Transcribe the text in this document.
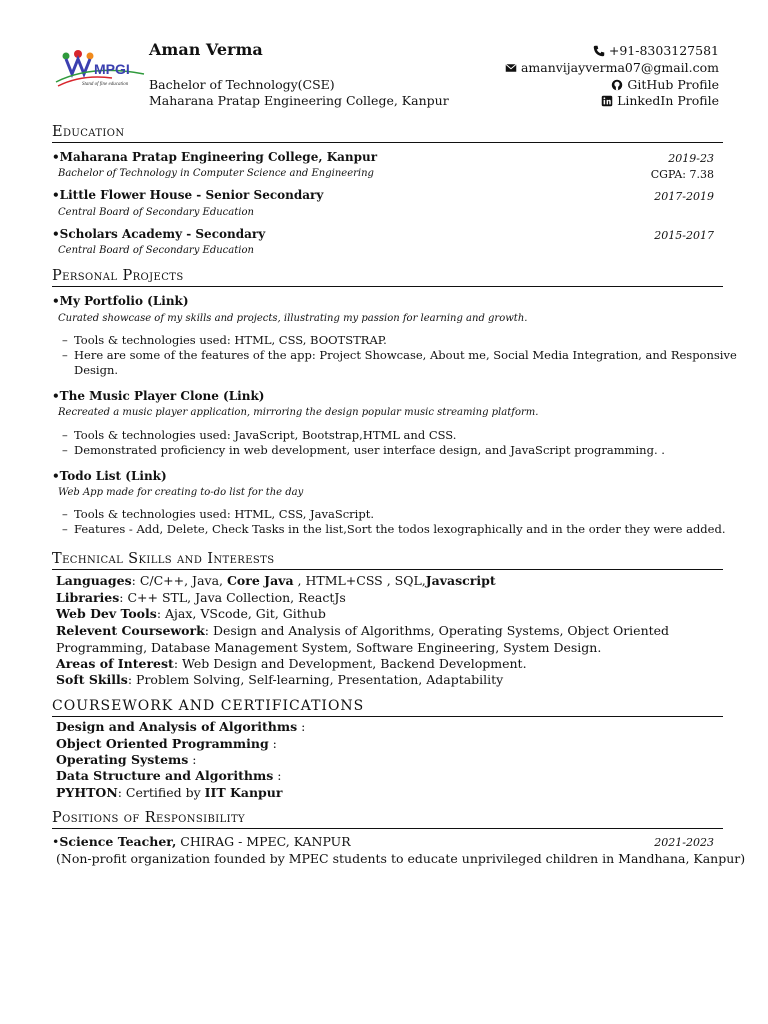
MPGI
Stand of fine education
Aman Verma
Bachelor of Technology(CSE)
Maharana Pratap Engineering College, Kanpur
+91-8303127581
amanvijayverma07@gmail.com
GitHub Profile
LinkedIn Profile
Education
•Maharana Pratap Engineering College, Kanpur	2019-23
Bachelor of Technology in Computer Science and Engineering	CGPA: 7.38
•Little Flower House - Senior Secondary	2017-2019
Central Board of Secondary Education
•Scholars Academy - Secondary	2015-2017
Central Board of Secondary Education
Personal Projects
•My Portfolio (Link)
Curated showcase of my skills and projects, illustrating my passion for learning and growth.
– Tools & technologies used: HTML, CSS, BOOTSTRAP.
– Here are some of the features of the app: Project Showcase, About me, Social Media Integration, and Responsive
Design.
•The Music Player Clone (Link)
Recreated a music player application, mirroring the design popular music streaming platform.
– Tools & technologies used: JavaScript, Bootstrap,HTML and CSS.
– Demonstrated proficiency in web development, user interface design, and JavaScript programming. .
•Todo List (Link)
Web App made for creating to-do list for the day
– Tools & technologies used: HTML, CSS, JavaScript.
– Features - Add, Delete, Check Tasks in the list,Sort the todos lexographically and in the order they were added.
Technical Skills and Interests
Languages: C/C++, Java, Core Java , HTML+CSS , SQL,Javascript
Libraries: C++ STL, Java Collection, ReactJs
Web Dev Tools: Ajax, VScode, Git, Github
Relevent Coursework: Design and Analysis of Algorithms, Operating Systems, Object Oriented
Programming, Database Management System, Software Engineering, System Design.
Areas of Interest: Web Design and Development, Backend Development.
Soft Skills: Problem Solving, Self-learning, Presentation, Adaptability
COURSEWORK AND CERTIFICATIONS
Design and Analysis of Algorithms :
Object Oriented Programming :
Operating Systems :
Data Structure and Algorithms :
PYHTON: Certified by IIT Kanpur
Positions of Responsibility
•Science Teacher, CHIRAG - MPEC, KANPUR	2021-2023
(Non-profit organization founded by MPEC students to educate unprivileged children in Mandhana, Kanpur)
